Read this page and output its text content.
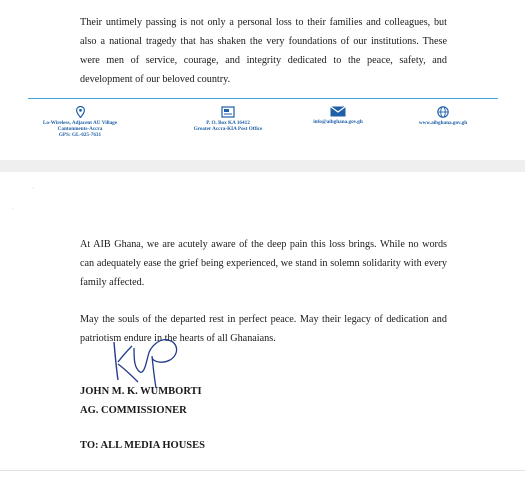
Their untimely passing is not only a personal loss to their families and colleagues, but also a national tragedy that has shaken the very foundations of our institutions. These were men of service, courage, and integrity dedicated to the peace, safety, and development of our beloved country.

Lo-Wireless, Adjacent AU Village
Cantonments-Accra
GPS: GL-025-7631
P. O. Box KA 16412
Greater Accra-KIA Post Office
info@aibghana.gov.gh	www.aibghana.gov.gh
·
·

At AIB Ghana, we are acutely aware of the deep pain this loss brings. While no words can adequately ease the grief being experienced, we stand in solemn solidarity with every family affected.

May the souls of the departed rest in perfect peace. May their legacy of dedication and patriotism endure in the hearts of all Ghanaians.

JOHN M. K. WUMBORTI
AG. COMMISSIONER
TO: ALL MEDIA HOUSES
